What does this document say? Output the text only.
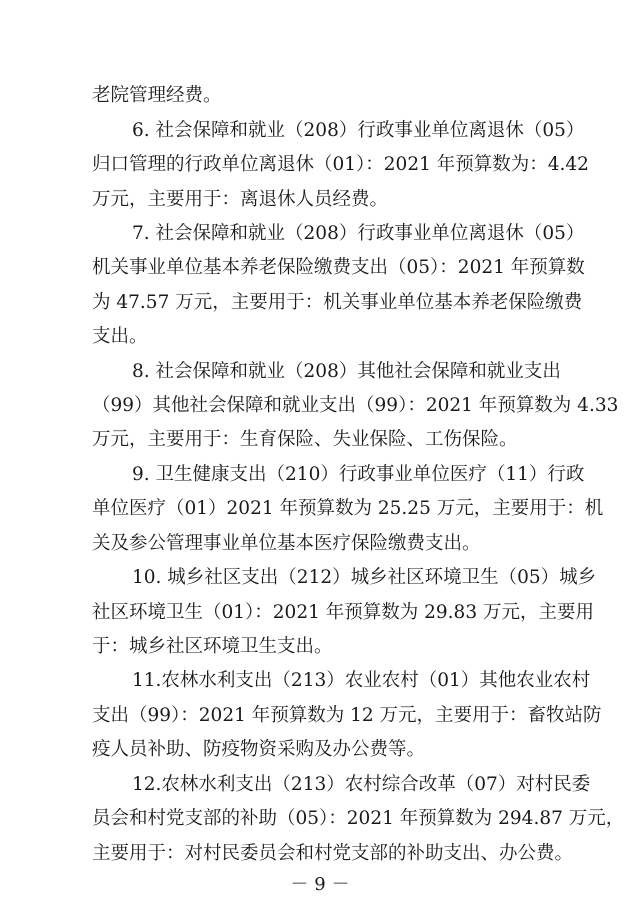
老院管理经费。
6. 社会保障和就业（208）行政事业单位离退休（05）
归口管理的行政单位离退休（01）：2021 年预算数为：4.42
万元，主要用于：离退休人员经费。
7. 社会保障和就业（208）行政事业单位离退休（05）
机关事业单位基本养老保险缴费支出（05）：2021 年预算数
为 47.57 万元，主要用于：机关事业单位基本养老保险缴费
支出。
8. 社会保障和就业（208）其他社会保障和就业支出
（99）其他社会保障和就业支出（99）：2021 年预算数为 4.33
万元，主要用于：生育保险、失业保险、工伤保险。
9. 卫生健康支出（210）行政事业单位医疗（11）行政
单位医疗（01）2021 年预算数为 25.25 万元，主要用于：机
关及参公管理事业单位基本医疗保险缴费支出。
10. 城乡社区支出（212）城乡社区环境卫生（05）城乡
社区环境卫生（01）：2021 年预算数为 29.83 万元，主要用
于：城乡社区环境卫生支出。
11.农林水利支出（213）农业农村（01）其他农业农村
支出（99）：2021 年预算数为 12 万元，主要用于：畜牧站防
疫人员补助、防疫物资采购及办公费等。
12.农林水利支出（213）农村综合改革（07）对村民委
员会和村党支部的补助（05）：2021 年预算数为 294.87 万元，
主要用于：对村民委员会和村党支部的补助支出、办公费。
－ 9 －
